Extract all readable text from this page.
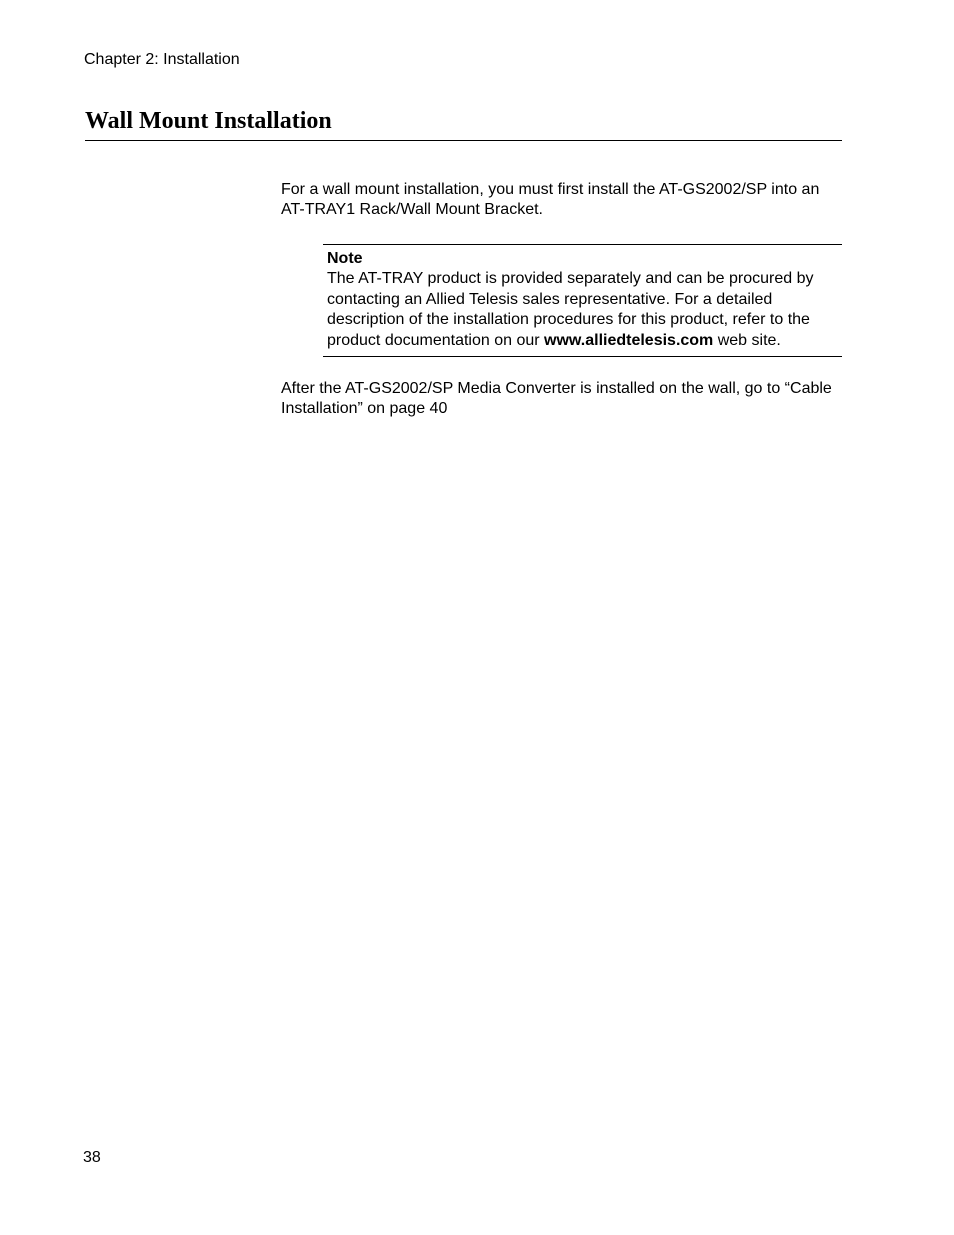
Chapter 2: Installation
Wall Mount Installation

For a wall mount installation, you must first install the AT-GS2002/SP into an AT-TRAY1 Rack/Wall Mount Bracket.

Note

The AT-TRAY product is provided separately and can be procured by contacting an Allied Telesis sales representative. For a detailed description of the installation procedures for this product, refer to the product documentation on our www.alliedtelesis.com web site.

After the AT-GS2002/SP Media Converter is installed on the wall, go to “Cable Installation” on page 40

38
